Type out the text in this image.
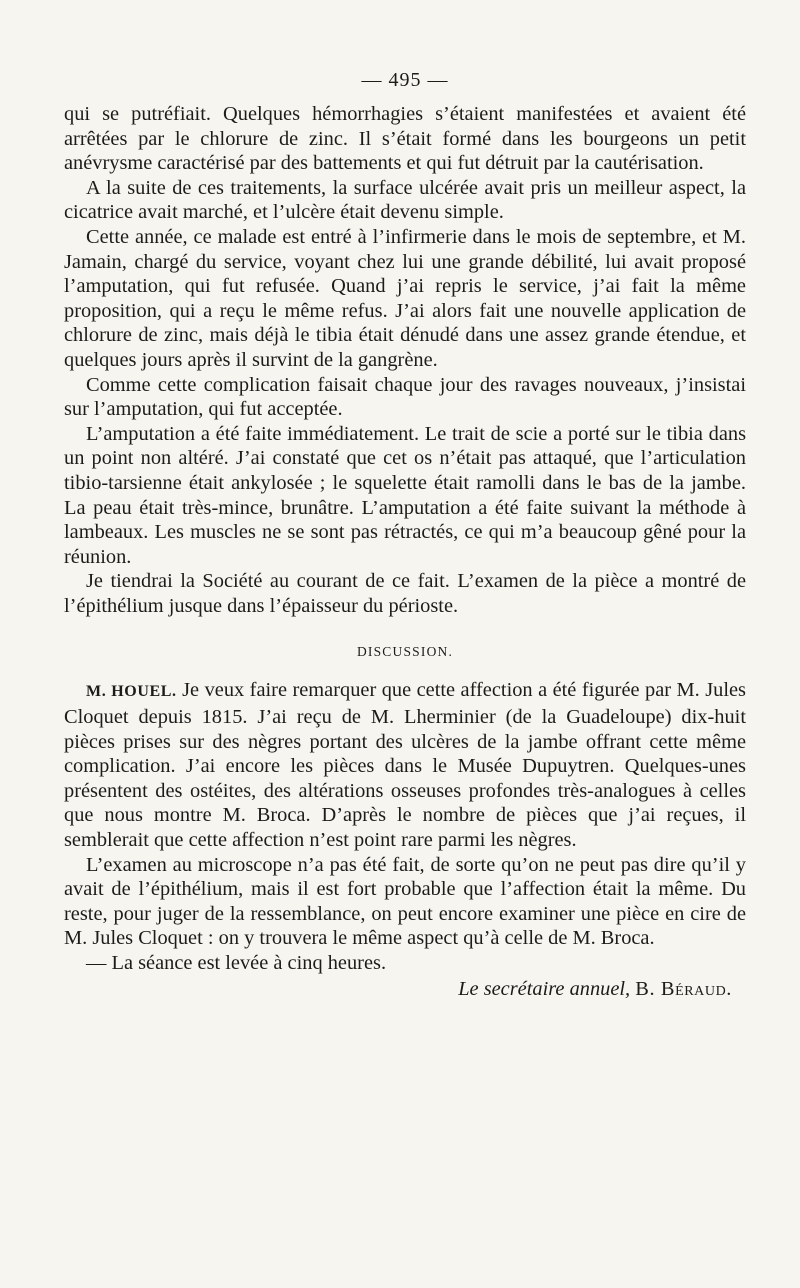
— 495 —

qui se putréfiait. Quelques hémorrhagies s’étaient manifestées et avaient été arrêtées par le chlorure de zinc. Il s’était formé dans les bourgeons un petit anévrysme caractérisé par des battements et qui fut détruit par la cautérisation.

A la suite de ces traitements, la surface ulcérée avait pris un meilleur aspect, la cicatrice avait marché, et l’ulcère était devenu simple.

Cette année, ce malade est entré à l’infirmerie dans le mois de septembre, et M. Jamain, chargé du service, voyant chez lui une grande débilité, lui avait proposé l’amputation, qui fut refusée. Quand j’ai repris le service, j’ai fait la même proposition, qui a reçu le même refus. J’ai alors fait une nouvelle application de chlorure de zinc, mais déjà le tibia était dénudé dans une assez grande étendue, et quelques jours après il survint de la gangrène.

Comme cette complication faisait chaque jour des ravages nouveaux, j’insistai sur l’amputation, qui fut acceptée.

L’amputation a été faite immédiatement. Le trait de scie a porté sur le tibia dans un point non altéré. J’ai constaté que cet os n’était pas attaqué, que l’articulation tibio-tarsienne était ankylosée ; le squelette était ramolli dans le bas de la jambe. La peau était très-mince, brunâtre. L’amputation a été faite suivant la méthode à lambeaux. Les muscles ne se sont pas rétractés, ce qui m’a beaucoup gêné pour la réunion.

Je tiendrai la Société au courant de ce fait. L’examen de la pièce a montré de l’épithélium jusque dans l’épaisseur du périoste.

DISCUSSION.

M. HOUEL. Je veux faire remarquer que cette affection a été figurée par M. Jules Cloquet depuis 1815. J’ai reçu de M. Lherminier (de la Guadeloupe) dix-huit pièces prises sur des nègres portant des ulcères de la jambe offrant cette même complication. J’ai encore les pièces dans le Musée Dupuytren. Quelques-unes présentent des ostéites, des altérations osseuses profondes très-analogues à celles que nous montre M. Broca. D’après le nombre de pièces que j’ai reçues, il semblerait que cette affection n’est point rare parmi les nègres.

L’examen au microscope n’a pas été fait, de sorte qu’on ne peut pas dire qu’il y avait de l’épithélium, mais il est fort probable que l’affection était la même. Du reste, pour juger de la ressemblance, on peut encore examiner une pièce en cire de M. Jules Cloquet : on y trouvera le même aspect qu’à celle de M. Broca.

— La séance est levée à cinq heures.

Le secrétaire annuel, B. Béraud.
